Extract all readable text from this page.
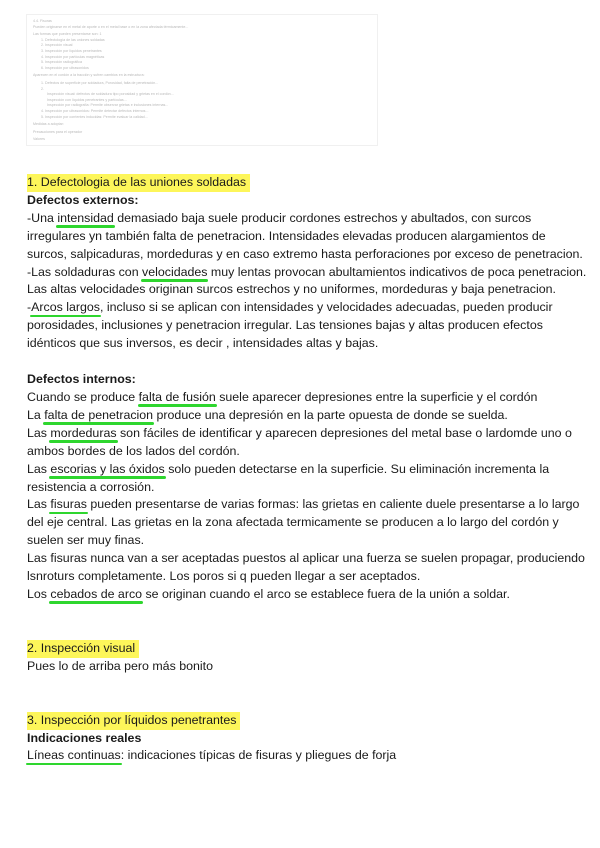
4.4. Fisuras
Pueden originarse en el metal de aporte o en el metal base o en la zona afectada térmicamente...
Las formas que pueden presentarse son: 1
1. Defectología de las uniones soldadas
2. Inspección visual
3. Inspección por líquidos penetrantes
4. Inspección por partículas magnéticas
5. Inspección radiográfica
6. Inspección por ultrasonidos
Aparecen en el cordón a la tracción y sufren cambios en la estructura:
1. Defectos de superficie por soldadura, Porosidad, falta de penetración...
2.
Inspección visual: defectos de soldadura tipo porosidad y grietas en el cordón...
Inspección con líquidos penetrantes y partículas...
Inspección por radiografía: Permite observar grietas e inclusiones internas...
4. Inspección por ultrasonidos: Permite detectar defectos internos...
5. Inspección por corrientes inducidas: Permite evaluar la calidad...
Medidas a adoptar:
Precauciones para el operador
Valores
1. Defectologia de las uniones soldadas

Defectos externos:

-Una intensidad demasiado baja suele producir cordones estrechos y abultados, con surcos irregulares yn también falta de penetracion. Intensidades elevadas producen alargamientos de surcos, salpicaduras, mordeduras y en caso extremo hasta perforaciones por exceso de penetracion.

-Las soldaduras con velocidades muy lentas provocan abultamientos indicativos de poca penetracion. Las altas velocidades originan surcos estrechos y no uniformes, mordeduras y baja penetracion.

-Arcos largos, incluso si se aplican con intensidades y velocidades adecuadas, pueden producir porosidades, inclusiones y penetracion irregular. Las tensiones bajas y altas producen efectos idénticos que sus inversos, es decir , intensidades altas y bajas.

Defectos internos:

Cuando se produce falta de fusión suele aparecer depresiones entre la superficie y el cordón

La falta de penetracion produce una depresión en la parte opuesta de donde se suelda.

Las mordeduras son fáciles de identificar y aparecen depresiones del metal base o lardomde uno o ambos bordes de los lados del cordón.

Las escorias y las óxidos solo pueden detectarse en la superficie. Su eliminación incrementa la resistencia a corrosión.

Las fisuras pueden presentarse de varias formas: las grietas en caliente duele presentarse a lo largo del eje central. Las grietas en la zona afectada termicamente se producen a lo largo del cordón y suelen ser muy finas.

Las fisuras nunca van a ser aceptadas puestos al aplicar una fuerza se suelen propagar, produciendo lsnroturs completamente. Los poros si q pueden llegar a ser aceptados.

Los cebados de arco se originan cuando el arco se establece fuera de la unión a soldar.

2. Inspección visual

Pues lo de arriba pero más bonito

3. Inspección por líquidos penetrantes

Indicaciones reales

Líneas continuas: indicaciones típicas de fisuras y pliegues de forja
